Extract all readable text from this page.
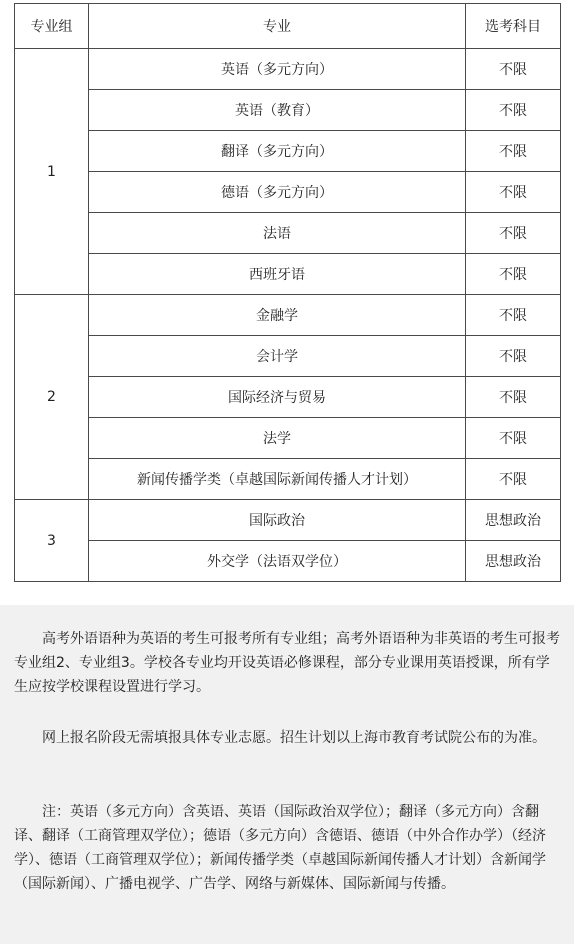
专业组	专业	选考科目
1	英语（多元方向）	不限
	英语（教育）	不限
	翻译（多元方向）	不限
	德语（多元方向）	不限
	法语	不限
	西班牙语	不限
2	金融学	不限
	会计学	不限
	国际经济与贸易	不限
	法学	不限
	新闻传播学类（卓越国际新闻传播人才计划）	不限
3	国际政治	思想政治
	外交学（法语双学位）	思想政治
高考外语语种为英语的考生可报考所有专业组；高考外语语种为非英语的考生可报考专业组2、专业组3。学校各专业均开设英语必修课程，部分专业课用英语授课，所有学生应按学校课程设置进行学习。
网上报名阶段无需填报具体专业志愿。招生计划以上海市教育考试院公布的为准。
注：英语（多元方向）含英语、英语（国际政治双学位）；翻译（多元方向）含翻译、翻译（工商管理双学位）；德语（多元方向）含德语、德语（中外合作办学）（经济学）、德语（工商管理双学位）；新闻传播学类（卓越国际新闻传播人才计划）含新闻学（国际新闻）、广播电视学、广告学、网络与新媒体、国际新闻与传播。
